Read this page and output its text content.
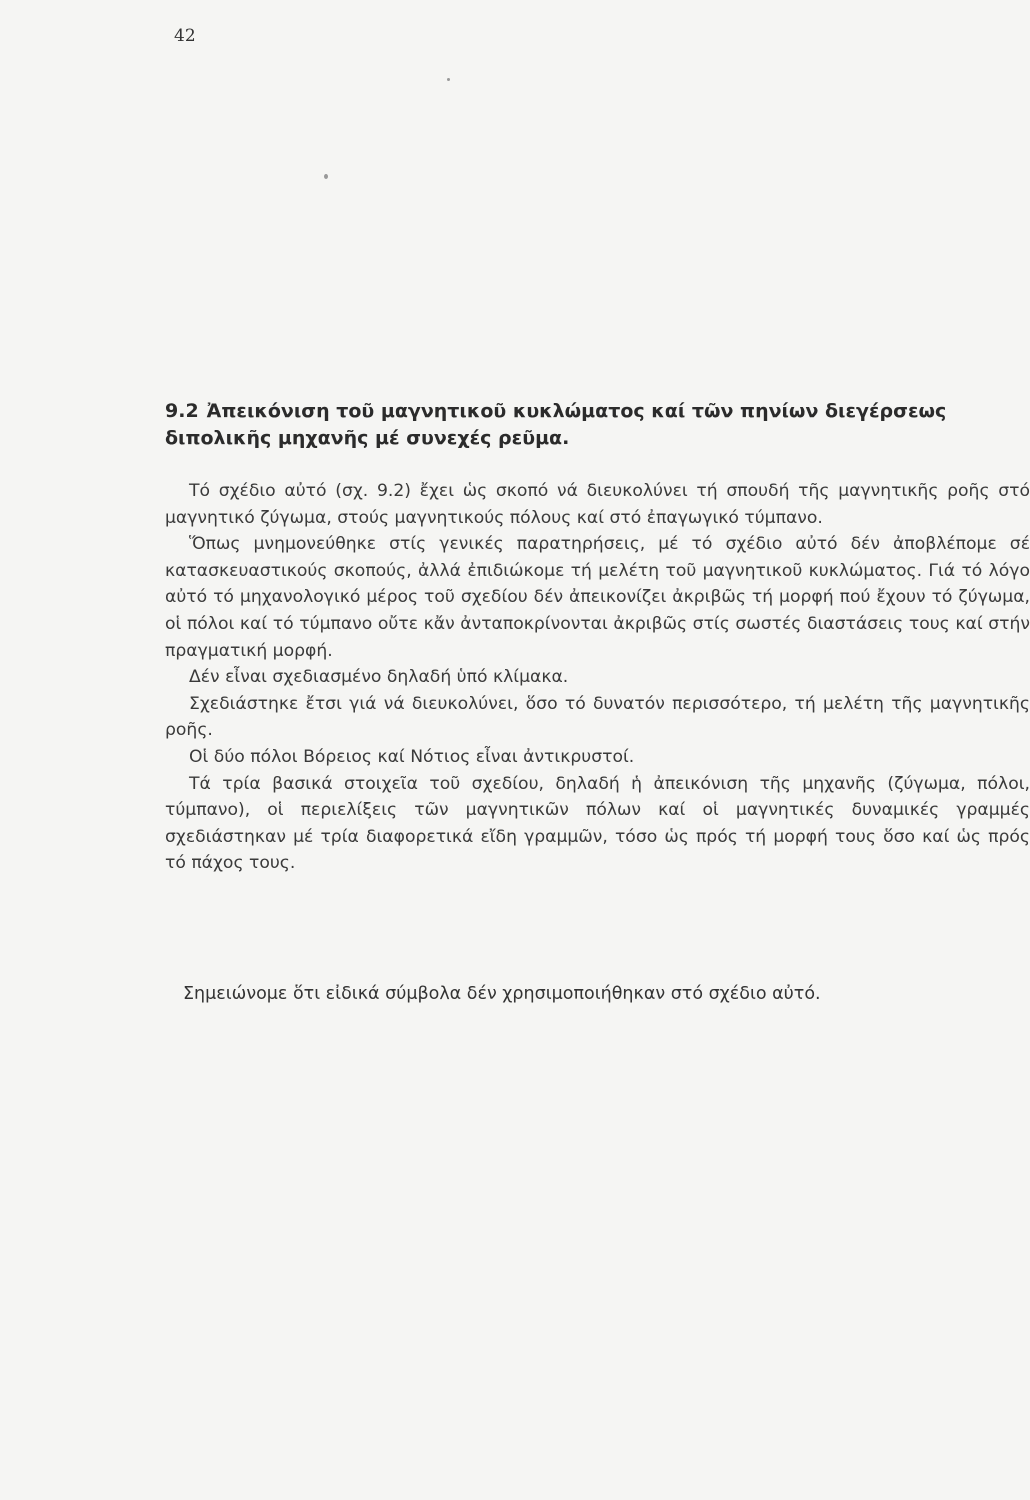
42
9.2 Ἀπεικόνιση τοῦ μαγνητικοῦ κυκλώματος καί τῶν πηνίων διεγέρσεως διπολικῆς μηχανῆς μέ συνεχές ρεῦμα.

Τό σχέδιο αὐτό (σχ. 9.2) ἔχει ὡς σκοπό νά διευκολύνει τή σπουδή τῆς μαγνητικῆς ροῆς στό μαγνητικό ζύγωμα, στούς μαγνητικούς πόλους καί στό ἐπαγωγικό τύμπανο.

Ὅπως μνημονεύθηκε στίς γενικές παρατηρήσεις, μέ τό σχέδιο αὐτό δέν ἀποβλέπομε σέ κατασκευαστικούς σκοπούς, ἀλλά ἐπιδιώκομε τή μελέτη τοῦ μαγνητικοῦ κυκλώματος. Γιά τό λόγο αὐτό τό μηχανολογικό μέρος τοῦ σχεδίου δέν ἀπεικονίζει ἀκριβῶς τή μορφή πού ἔχουν τό ζύγωμα, οἱ πόλοι καί τό τύμπανο οὔτε κἄν ἀνταποκρίνονται ἀκριβῶς στίς σωστές διαστάσεις τους καί στήν πραγματική μορφή.

Δέν εἶναι σχεδιασμένο δηλαδή ὑπό κλίμακα.

Σχεδιάστηκε ἔτσι γιά νά διευκολύνει, ὅσο τό δυνατόν περισσότερο, τή μελέτη τῆς μαγνητικῆς ροῆς.

Οἱ δύο πόλοι Βόρειος καί Νότιος εἶναι ἀντικρυστοί.

Τά τρία βασικά στοιχεῖα τοῦ σχεδίου, δηλαδή ἡ ἀπεικόνιση τῆς μηχανῆς (ζύγωμα, πόλοι, τύμπανο), οἱ περιελίξεις τῶν μαγνητικῶν πόλων καί οἱ μαγνητικές δυναμικές γραμμές σχεδιάστηκαν μέ τρία διαφορετικά εἴδη γραμμῶν, τόσο ὡς πρός τή μορφή τους ὅσο καί ὡς πρός τό πάχος τους.

Σημειώνομε ὅτι εἰδικά σύμβολα δέν χρησιμοποιήθηκαν στό σχέδιο αὐτό.
